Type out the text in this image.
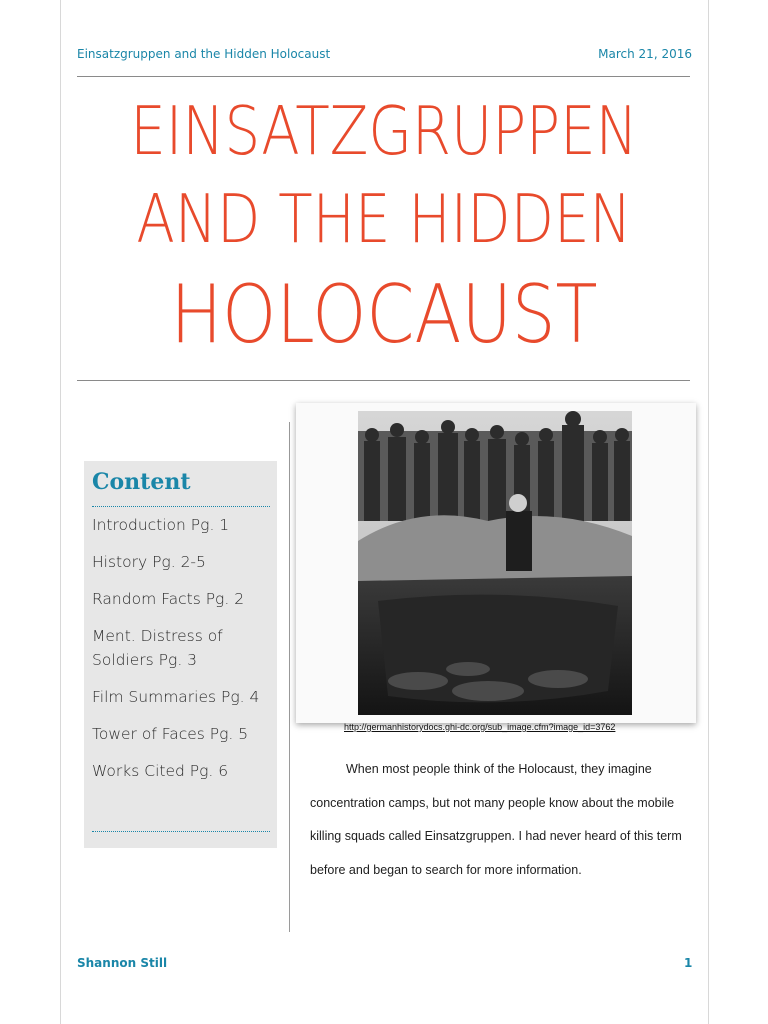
Einsatzgruppen and the Hidden Holocaust	March 21, 2016
EINSATZGRUPPEN
AND THE HIDDEN
HOLOCAUST
Content
Introduction Pg. 1
History Pg. 2-5
Random Facts Pg. 2
Ment. Distress of Soldiers Pg. 3
Film Summaries Pg. 4
Tower of Faces Pg. 5
Works Cited Pg. 6
http://germanhistorydocs.ghi-dc.org/sub_image.cfm?image_id=3762

When most people think of the Holocaust, they imagine concentration camps, but not many people know about the mobile killing squads called Einsatzgruppen. I had never heard of this term before and began to search for more information.

Shannon Still	1
